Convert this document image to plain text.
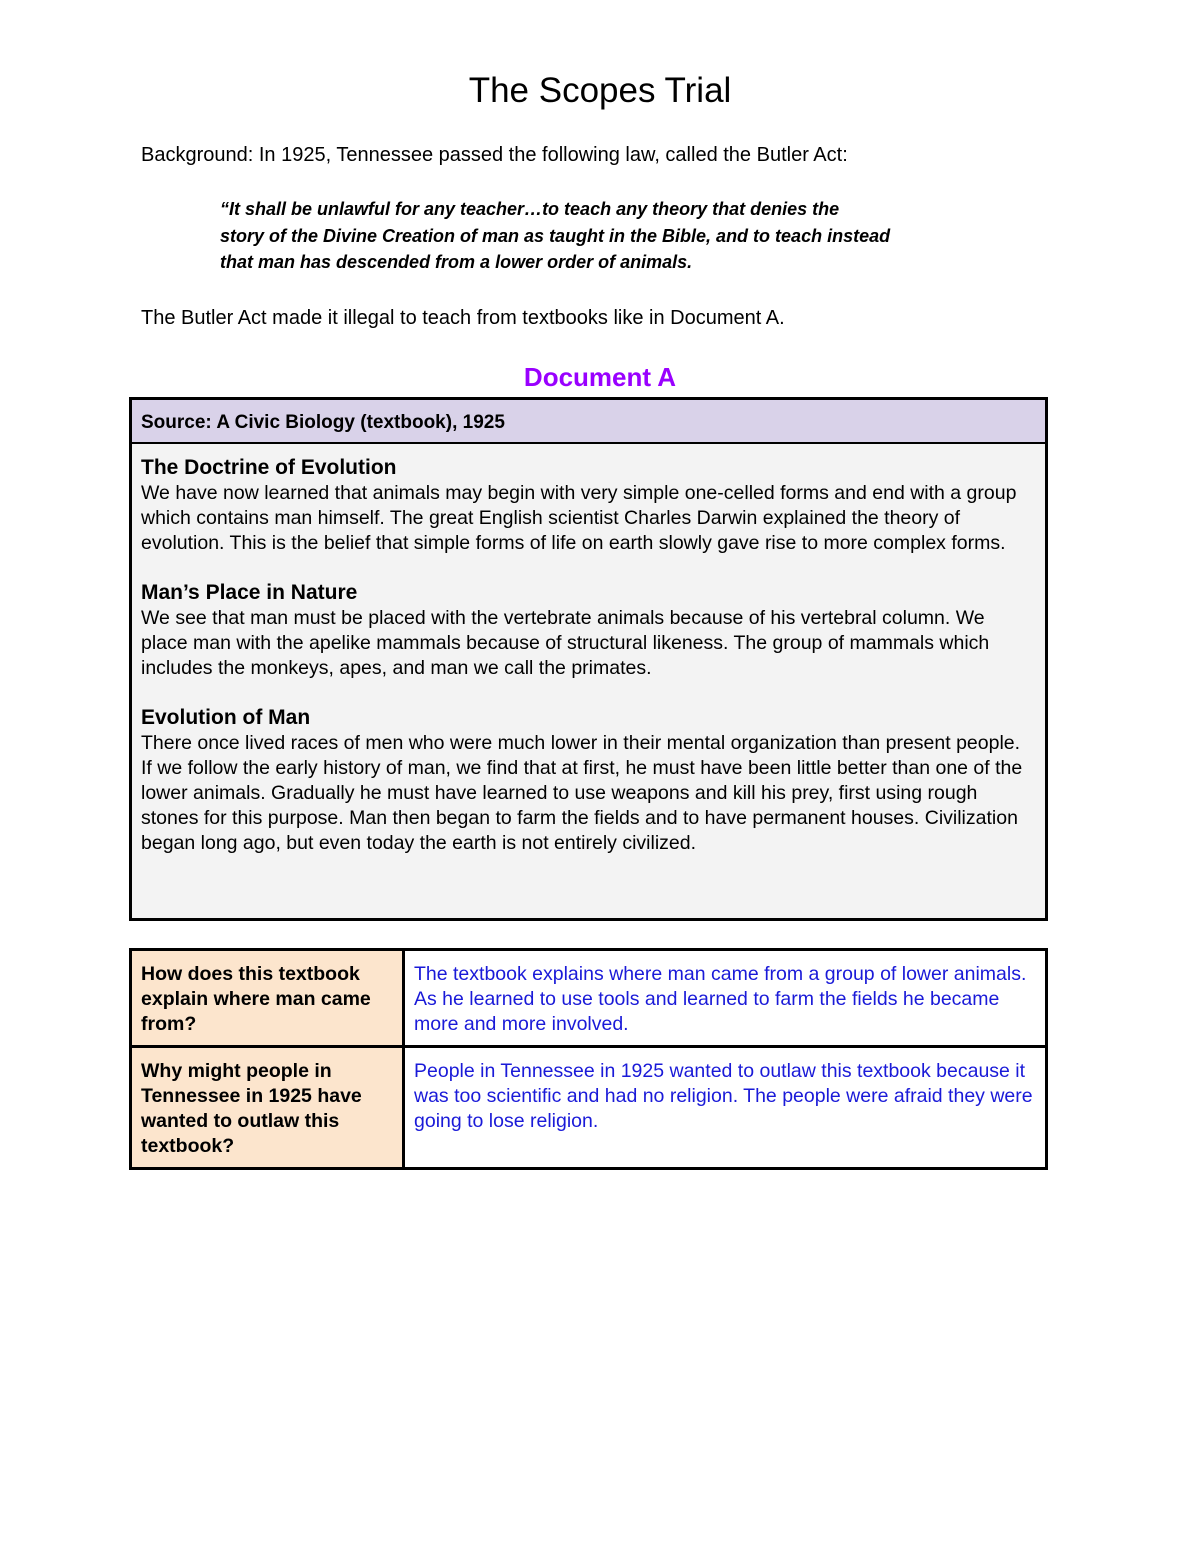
The Scopes Trial

Background: In 1925, Tennessee passed the following law, called the Butler Act:

“It shall be unlawful for any teacher…to teach any theory that denies the
story of the Divine Creation of man as taught in the Bible, and to teach instead
that man has descended from a lower order of animals.

The Butler Act made it illegal to teach from textbooks like in Document A.

Document A
Source: A Civic Biology (textbook), 1925
The Doctrine of Evolution

We have now learned that animals may begin with very simple one-celled forms and end with a group which contains man himself. The great English scientist Charles Darwin explained the theory of evolution. This is the belief that simple forms of life on earth slowly gave rise to more complex forms.

Man’s Place in Nature

We see that man must be placed with the vertebrate animals because of his vertebral column. We place man with the apelike mammals because of structural likeness. The group of mammals which includes the monkeys, apes, and man we call the primates.

Evolution of Man

There once lived races of men who were much lower in their mental organization than present people. If we follow the early history of man, we find that at first, he must have been little better than one of the lower animals. Gradually he must have learned to use weapons and kill his prey, first using rough stones for this purpose. Man then began to farm the fields and to have permanent houses. Civilization began long ago, but even today the earth is not entirely civilized.

How does this textbook explain where man came from?	The textbook explains where man came from a group of lower animals. As he learned to use tools and learned to farm the fields he became more and more involved.
Why might people in Tennessee in 1925 have wanted to outlaw this textbook?	People in Tennessee in 1925 wanted to outlaw this textbook because it was too scientific and had no religion. The people were afraid they were going to lose religion.
